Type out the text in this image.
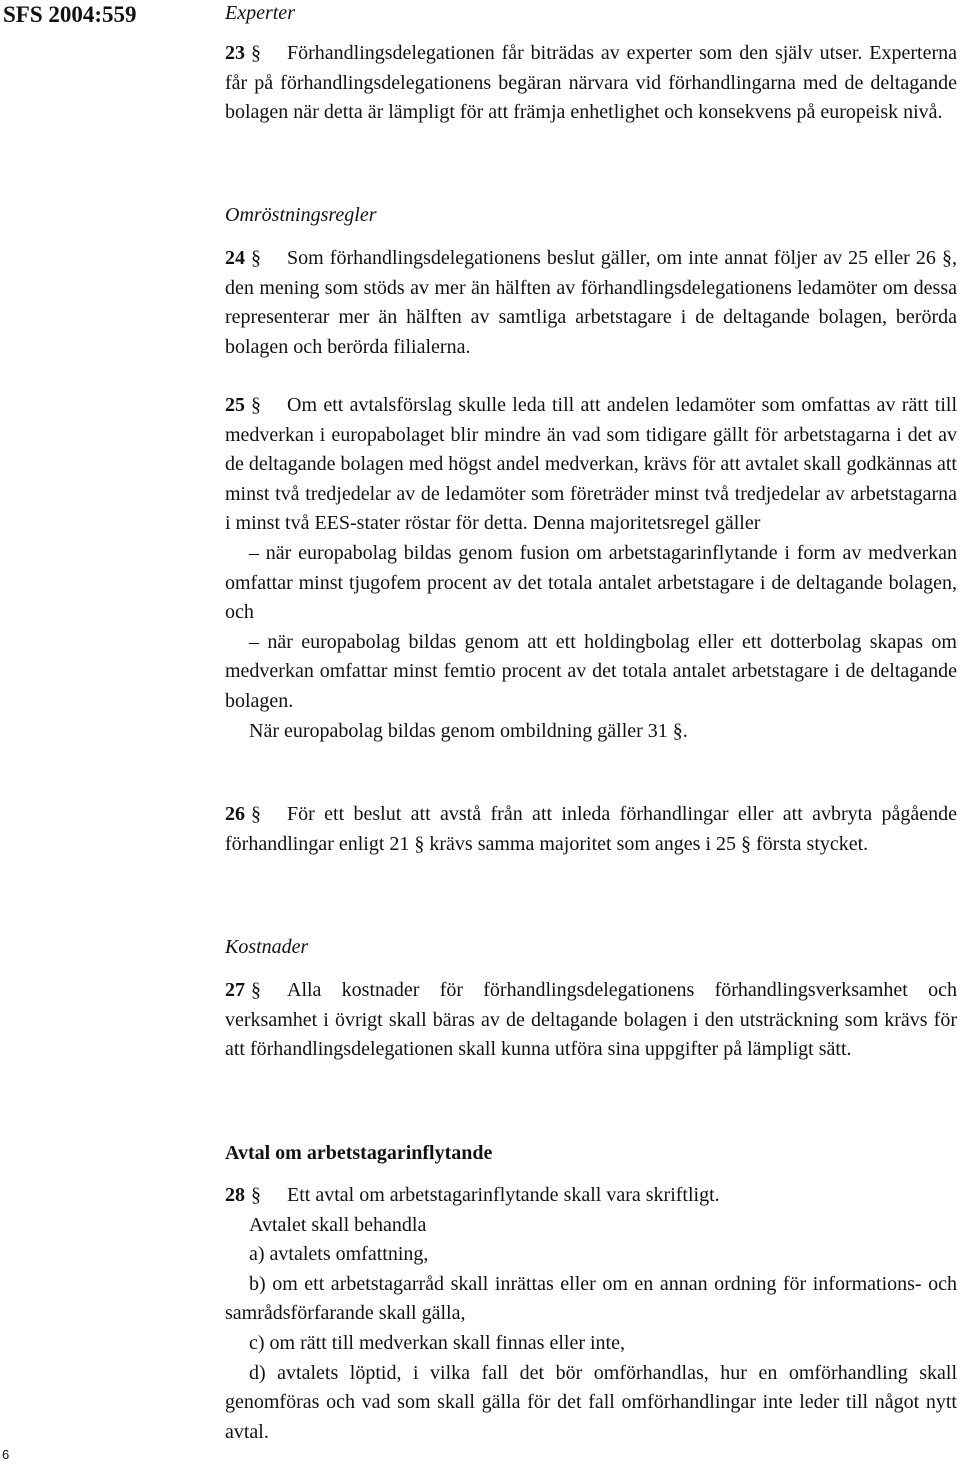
SFS 2004:559	Experter

23 § Förhandlingsdelegationen får biträdas av experter som den själv utser. Experterna får på förhandlingsdelegationens begäran närvara vid förhandlingarna med de deltagande bolagen när detta är lämpligt för att främja enhetlighet och konsekvens på europeisk nivå.

Omröstningsregler

24 § Som förhandlingsdelegationens beslut gäller, om inte annat följer av 25 eller 26 §, den mening som stöds av mer än hälften av förhandlingsdelegationens ledamöter om dessa representerar mer än hälften av samtliga arbetstagare i de deltagande bolagen, berörda bolagen och berörda filialerna.

25 § Om ett avtalsförslag skulle leda till att andelen ledamöter som omfattas av rätt till medverkan i europabolaget blir mindre än vad som tidigare gällt för arbetstagarna i det av de deltagande bolagen med högst andel medverkan, krävs för att avtalet skall godkännas att minst två tredjedelar av de ledamöter som företräder minst två tredjedelar av arbetstagarna i minst två EES-stater röstar för detta. Denna majoritetsregel gäller

– när europabolag bildas genom fusion om arbetstagarinflytande i form av medverkan omfattar minst tjugofem procent av det totala antalet arbetstagare i de deltagande bolagen, och

– när europabolag bildas genom att ett holdingbolag eller ett dotterbolag skapas om medverkan omfattar minst femtio procent av det totala antalet arbetstagare i de deltagande bolagen.

När europabolag bildas genom ombildning gäller 31 §.

26 § För ett beslut att avstå från att inleda förhandlingar eller att avbryta pågående förhandlingar enligt 21 § krävs samma majoritet som anges i 25 § första stycket.

Kostnader

27 § Alla kostnader för förhandlingsdelegationens förhandlingsverksamhet och verksamhet i övrigt skall bäras av de deltagande bolagen i den utsträckning som krävs för att förhandlingsdelegationen skall kunna utföra sina uppgifter på lämpligt sätt.

Avtal om arbetstagarinflytande

28 § Ett avtal om arbetstagarinflytande skall vara skriftligt.

Avtalet skall behandla

a) avtalets omfattning,

b) om ett arbetstagarråd skall inrättas eller om en annan ordning för informations- och samrådsförfarande skall gälla,

c) om rätt till medverkan skall finnas eller inte,

d) avtalets löptid, i vilka fall det bör omförhandlas, hur en omförhandling skall genomföras och vad som skall gälla för det fall omförhandlingar inte leder till något nytt avtal.

6
